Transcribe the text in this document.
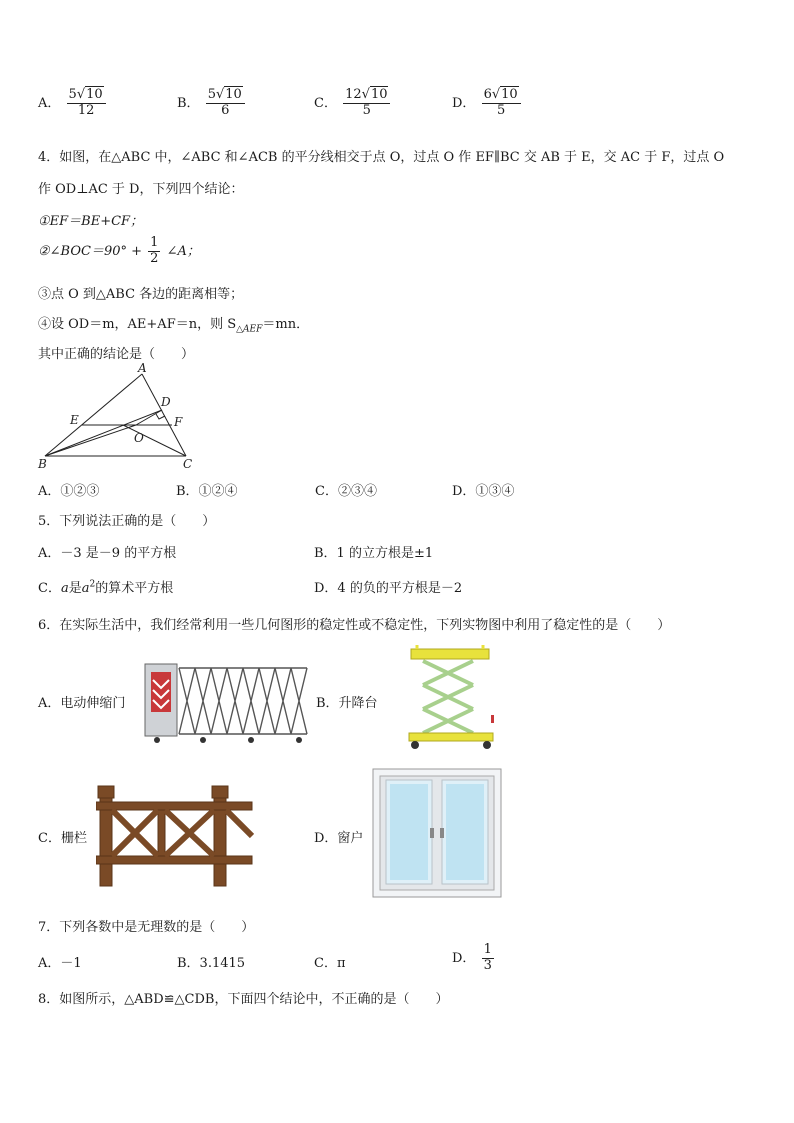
A． $\frac{5√10}{12}$	B． $\frac{5√10}{6}$	C． $\frac{12√10}{5}$	D． $\frac{6√10}{5}$
4．如图，在△ABC 中，∠ABC 和∠ACB 的平分线相交于点 O，过点 O 作 EF∥BC 交 AB 于 E，交 AC 于 F，过点 O
作 OD⊥AC 于 D，下列四个结论：
①EF＝BE+CF；
②∠BOC＝90° + $\frac{1}{2}$ ∠A；
③点 O 到△ABC 各边的距离相等；
④设 OD＝m，AE+AF＝n，则 $S_{\triangle AEF}=mn$．
其中正确的结论是（　　）
A
D
E	F
O
B	C
A．①②③	B．①②④	C．②③④	D．①③④
5．下列说法正确的是（　　）
A．－3 是－9 的平方根	B．1 的立方根是±1
C．a是$a^2$的算术平方根	D．4 的负的平方根是－2
6．在实际生活中，我们经常利用一些几何图形的稳定性或不稳定性，下列实物图中利用了稳定性的是（　　）
A．电动伸缩门	B．升降台
C．栅栏	D．窗户
7．下列各数中是无理数的是（　　）
A．－1	B．3.1415	C．π	D． $\frac{1}{3}$
8．如图所示，△ABD≌△CDB，下面四个结论中，不正确的是（　　）
